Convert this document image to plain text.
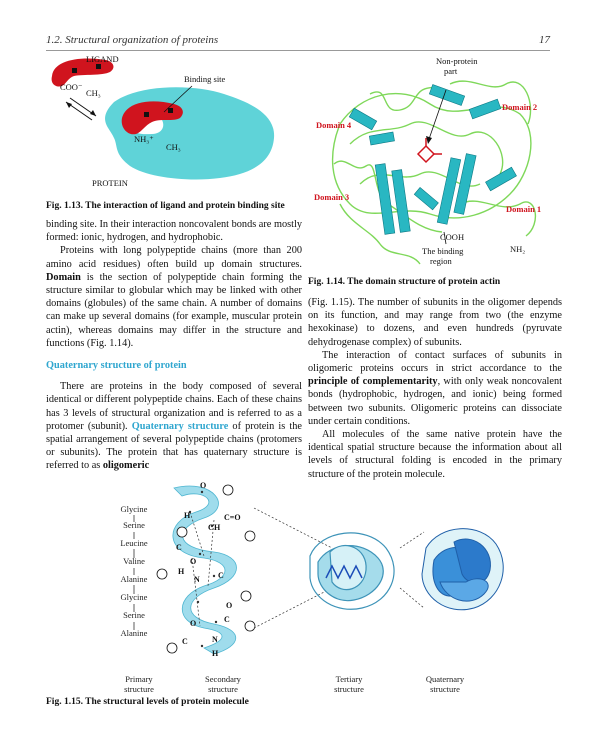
1.2. Structural organization of proteins	17
LIGAND
Binding site
PROTEIN
COO⁻
CH₃
NH₃⁺
CH₃
Fig. 1.13. The interaction of ligand and protein binding site
Non-protein
part
Domain 2
Domain 4
Domain 3
Domain 1
COOH
NH₂
The binding
region
Fig. 1.14. The domain structure of protein actin

binding site. In their interaction noncovalent bonds are mostly formed: ionic, hydrogen, and hydrophobic.

Proteins with long polypeptide chains (more than 200 amino acid residues) often build up domain structures. Domain is the section of polypeptide chain forming the structure similar to globular which may be linked with other domains (globules) of the same chain. A number of domains can make up several domains (for example, muscular protein actin), whereas domains may differ in the structure and functions (Fig. 1.14).

Quaternary structure of protein

There are proteins in the body composed of several identical or different polypeptide chains. Each of these chains has 3 levels of structural organization and is referred to as a protomer (subunit). Quaternary structure of protein is the spatial arrangement of several polypeptide chains (protomers or subunits). The protein that has quaternary structure is referred to as oligomeric

(Fig. 1.15). The number of subunits in the oligomer depends on its function, and may range from two (the enzyme hexokinase) to dozens, and even hundreds (pyruvate dehydrogenase complex) of subunits.

The interaction of contact surfaces of subunits in oligomeric proteins occurs in strict accordance to the principle of complementarity, with only weak noncovalent bonds (hydrophobic, hydrogen, and ionic) being formed between two subunits. Oligomeric proteins can dissociate under certain conditions.

All molecules of the same native protein have the identical spatial structure because the information about all levels of structural folding is encoded in the primary structure of the protein molecule.

O
H
C
C=O
H
C
H
N
O
C
O
C
O
N
H
C
Glycine
Serine
Leucine
Valine
Alanine
Glycine
Serine
Alanine
Primary
structure
Secondary
structure
Tertiary
structure
Quaternary
structure
Fig. 1.15. The structural levels of protein molecule
